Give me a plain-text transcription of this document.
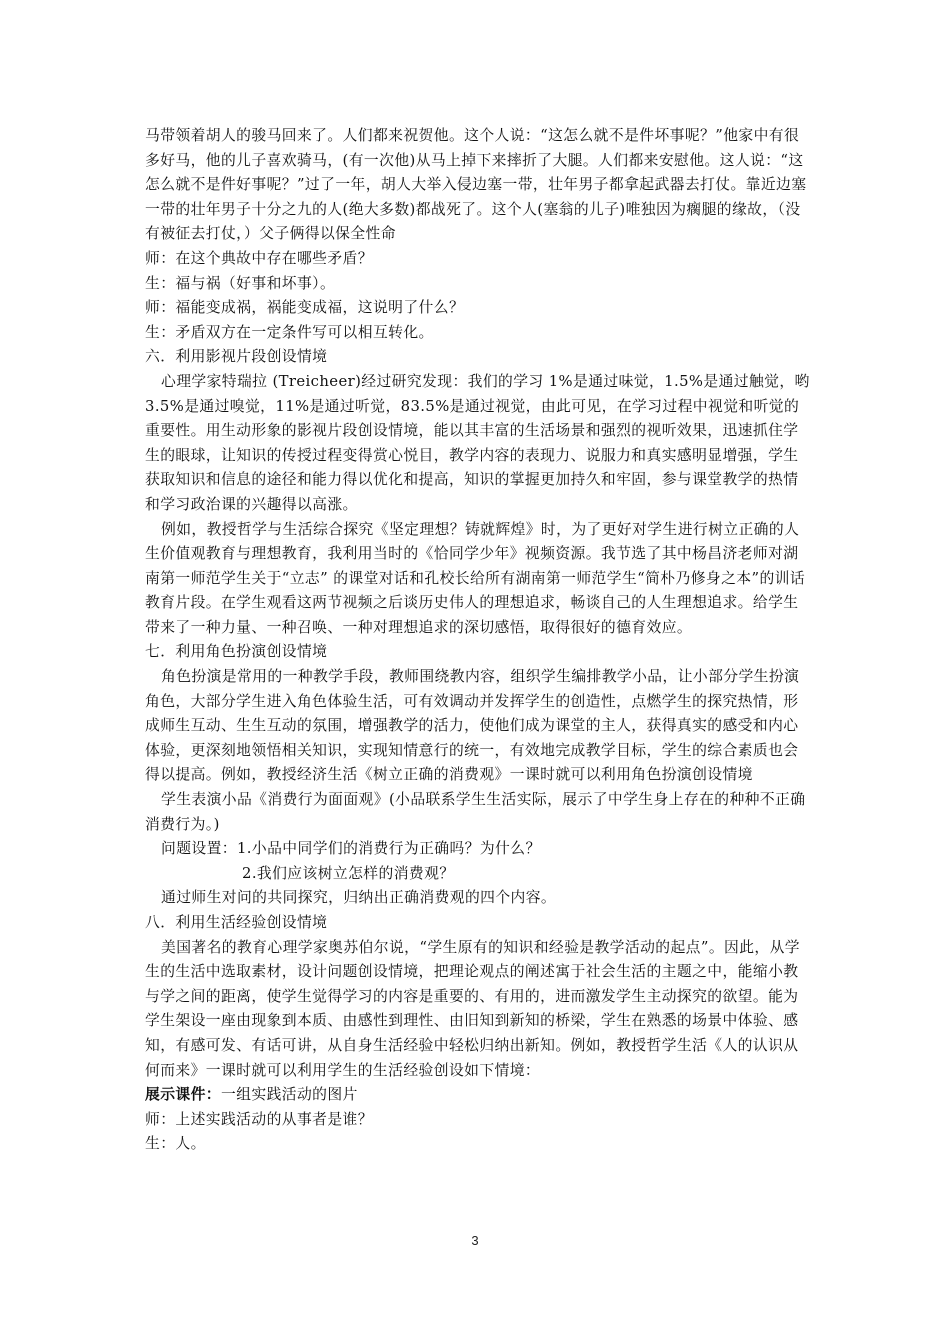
马带领着胡人的骏马回来了。人们都来祝贺他。这个人说：“这怎么就不是件坏事呢？”他家中有很多好马，他的儿子喜欢骑马，(有一次他)从马上掉下来摔折了大腿。人们都来安慰他。这人说：“这怎么就不是件好事呢？”过了一年，胡人大举入侵边塞一带，壮年男子都拿起武器去打仗。靠近边塞一带的壮年男子十分之九的人(绝大多数)都战死了。这个人(塞翁的儿子)唯独因为瘸腿的缘故，（没有被征去打仗，）父子俩得以保全性命

师：在这个典故中存在哪些矛盾？

生：福与祸（好事和坏事）。

师：福能变成祸，祸能变成福，这说明了什么？

生：矛盾双方在一定条件写可以相互转化。

六．利用影视片段创设情境

心理学家特瑞拉 (Treicheer)经过研究发现：我们的学习 1%是通过味觉，1.5%是通过触觉，哟 3.5%是通过嗅觉，11%是通过听觉，83.5%是通过视觉，由此可见，在学习过程中视觉和听觉的重要性。用生动形象的影视片段创设情境，能以其丰富的生活场景和强烈的视听效果，迅速抓住学生的眼球，让知识的传授过程变得赏心悦目，教学内容的表现力、说服力和真实感明显增强，学生获取知识和信息的途径和能力得以优化和提高，知识的掌握更加持久和牢固，参与课堂教学的热情和学习政治课的兴趣得以高涨。

例如，教授哲学与生活综合探究《坚定理想？铸就辉煌》时，为了更好对学生进行树立正确的人生价值观教育与理想教育，我利用当时的《恰同学少年》视频资源。我节选了其中杨昌济老师对湖南第一师范学生关于“立志” 的课堂对话和孔校长给所有湖南第一师范学生“简朴乃修身之本”的训话教育片段。在学生观看这两节视频之后谈历史伟人的理想追求，畅谈自己的人生理想追求。给学生带来了一种力量、一种召唤、一种对理想追求的深切感悟，取得很好的德育效应。

七．利用角色扮演创设情境

角色扮演是常用的一种教学手段，教师围绕教内容，组织学生编排教学小品，让小部分学生扮演角色，大部分学生进入角色体验生活，可有效调动并发挥学生的创造性，点燃学生的探究热情，形成师生互动、生生互动的氛围，增强教学的活力，使他们成为课堂的主人，获得真实的感受和内心体验，更深刻地领悟相关知识，实现知情意行的统一，有效地完成教学目标，学生的综合素质也会得以提高。例如，教授经济生活《树立正确的消费观》一课时就可以利用角色扮演创设情境

学生表演小品《消费行为面面观》(小品联系学生生活实际，展示了中学生身上存在的种种不正确消费行为。)

问题设置：1.小品中同学们的消费行为正确吗？为什么？

2.我们应该树立怎样的消费观？

通过师生对问的共同探究，归纳出正确消费观的四个内容。

八．利用生活经验创设情境

美国著名的教育心理学家奥苏伯尔说，“学生原有的知识和经验是教学活动的起点”。因此，从学生的生活中选取素材，设计问题创设情境，把理论观点的阐述寓于社会生活的主题之中，能缩小教与学之间的距离，使学生觉得学习的内容是重要的、有用的，进而激发学生主动探究的欲望。能为学生架设一座由现象到本质、由感性到理性、由旧知到新知的桥梁，学生在熟悉的场景中体验、感知，有感可发、有话可讲，从自身生活经验中轻松归纳出新知。例如，教授哲学生活《人的认识从何而来》一课时就可以利用学生的生活经验创设如下情境：

展示课件：一组实践活动的图片

师：上述实践活动的从事者是谁？

生：人。

3
